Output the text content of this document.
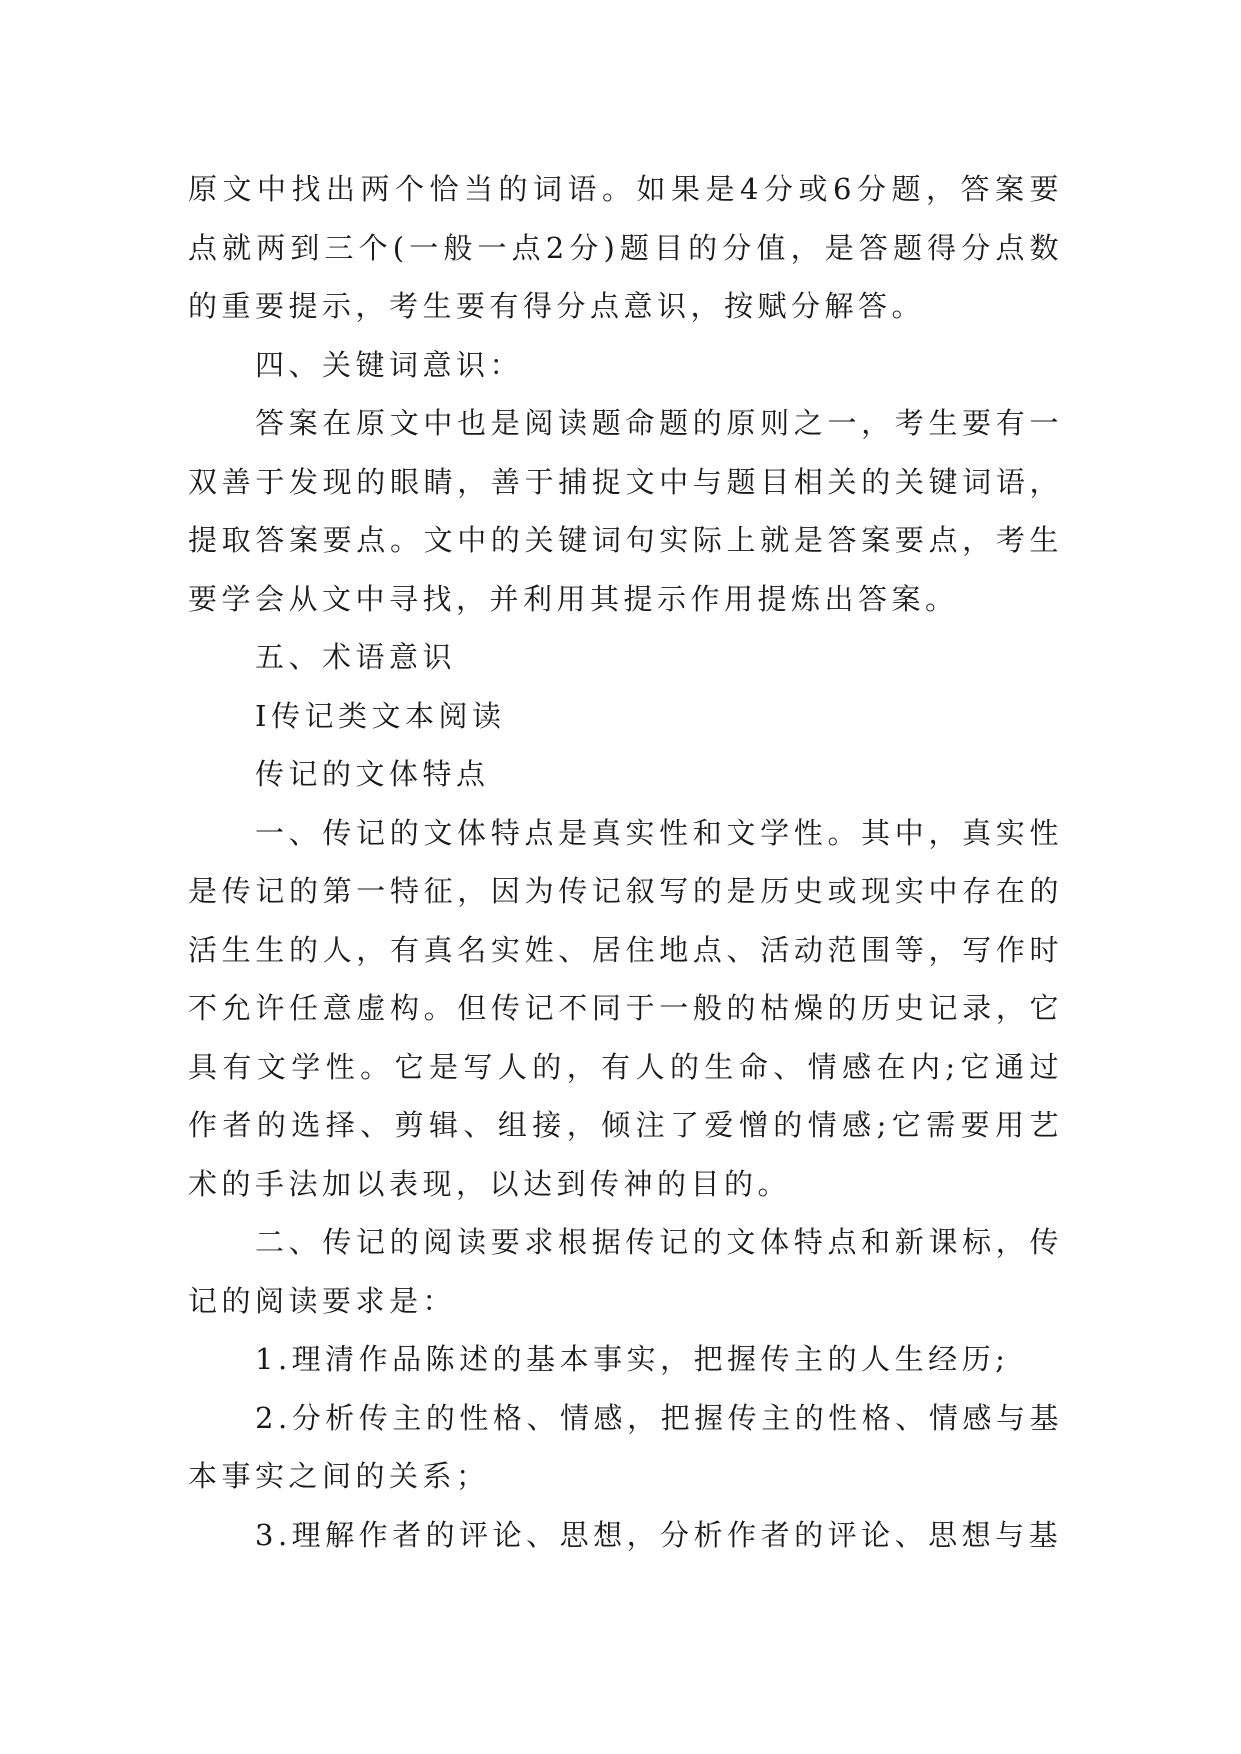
原文中找出两个恰当的词语。如果是4分或6分题，答案要点就两到三个(一般一点2分)题目的分值，是答题得分点数的重要提示，考生要有得分点意识，按赋分解答。

四、关键词意识：

答案在原文中也是阅读题命题的原则之一，考生要有一双善于发现的眼睛，善于捕捉文中与题目相关的关键词语，提取答案要点。文中的关键词句实际上就是答案要点，考生要学会从文中寻找，并利用其提示作用提炼出答案。

五、术语意识

Ⅰ传记类文本阅读

传记的文体特点

一、传记的文体特点是真实性和文学性。其中，真实性是传记的第一特征，因为传记叙写的是历史或现实中存在的活生生的人，有真名实姓、居住地点、活动范围等，写作时不允许任意虚构。但传记不同于一般的枯燥的历史记录，它具有文学性。它是写人的，有人的生命、情感在内;它通过作者的选择、剪辑、组接，倾注了爱憎的情感;它需要用艺术的手法加以表现，以达到传神的目的。

二、传记的阅读要求根据传记的文体特点和新课标，传记的阅读要求是：

1.理清作品陈述的基本事实，把握传主的人生经历;

2.分析传主的性格、情感，把握传主的性格、情感与基本事实之间的关系；

3.理解作者的评论、思想，分析作者的评论、思想与基
